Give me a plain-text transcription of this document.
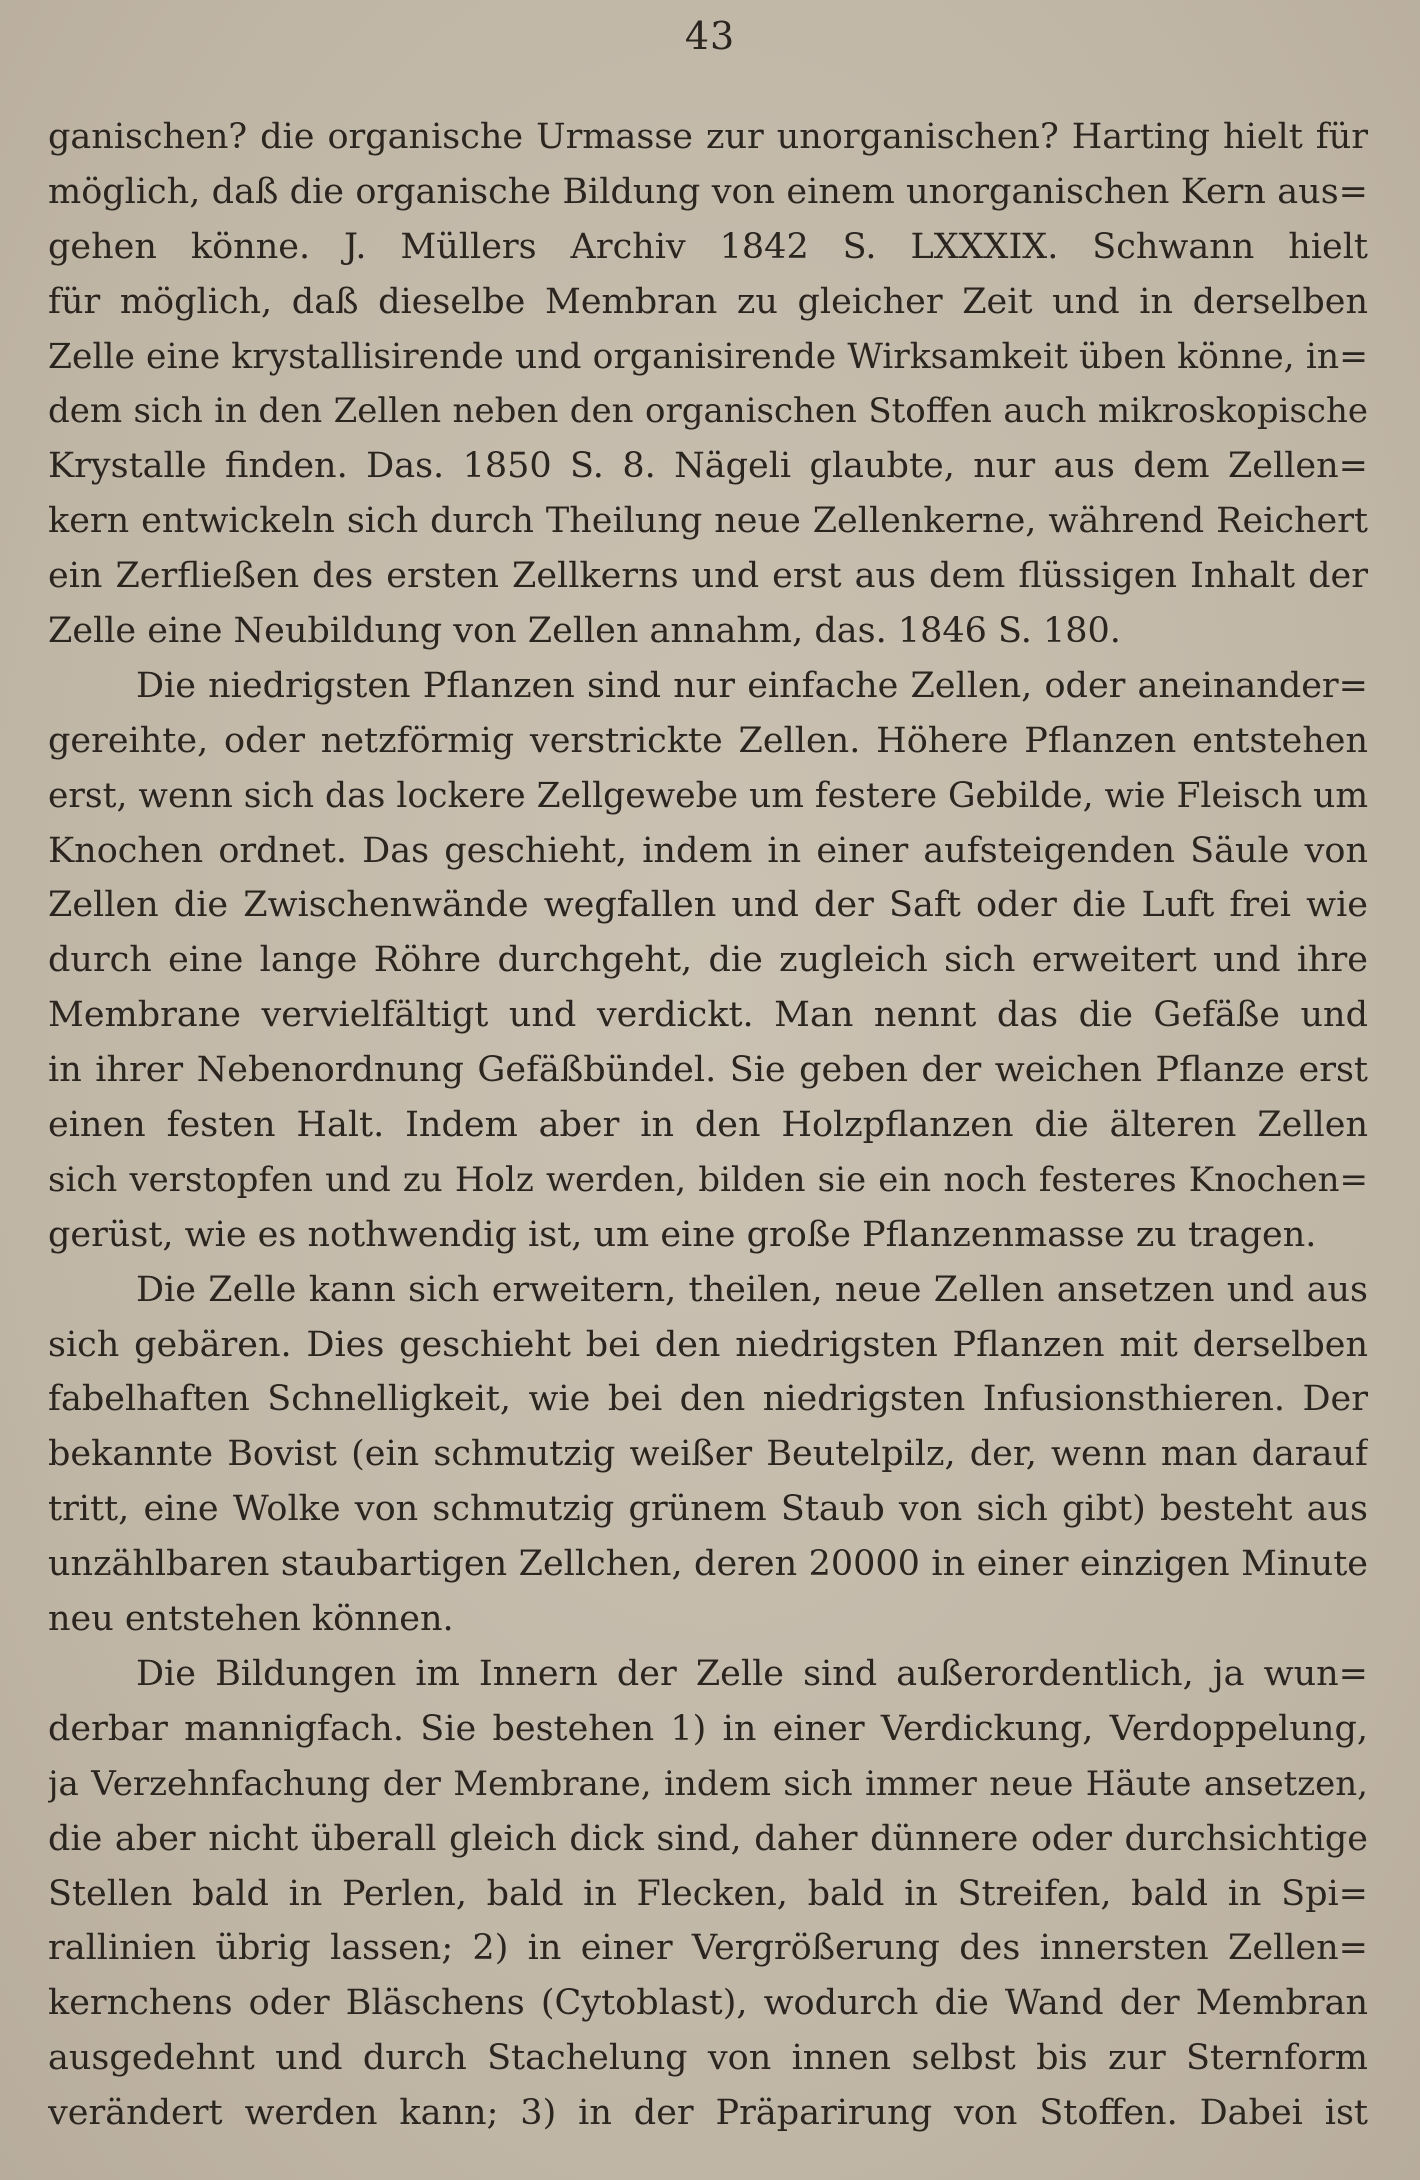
43
ganischen? die organische Urmasse zur unorganischen? Harting hielt für
möglich, daß die organische Bildung von einem unorganischen Kern aus=
gehen könne. J. Müllers Archiv 1842 S. LXXXIX. Schwann hielt
für möglich, daß dieselbe Membran zu gleicher Zeit und in derselben
Zelle eine krystallisirende und organisirende Wirksamkeit üben könne, in=
dem sich in den Zellen neben den organischen Stoffen auch mikroskopische
Krystalle finden. Das. 1850 S. 8. Nägeli glaubte, nur aus dem Zellen=
kern entwickeln sich durch Theilung neue Zellenkerne, während Reichert
ein Zerfließen des ersten Zellkerns und erst aus dem flüssigen Inhalt der
Zelle eine Neubildung von Zellen annahm, das. 1846 S. 180.
Die niedrigsten Pflanzen sind nur einfache Zellen, oder aneinander=
gereihte, oder netzförmig verstrickte Zellen. Höhere Pflanzen entstehen
erst, wenn sich das lockere Zellgewebe um festere Gebilde, wie Fleisch um
Knochen ordnet. Das geschieht, indem in einer aufsteigenden Säule von
Zellen die Zwischenwände wegfallen und der Saft oder die Luft frei wie
durch eine lange Röhre durchgeht, die zugleich sich erweitert und ihre
Membrane vervielfältigt und verdickt. Man nennt das die Gefäße und
in ihrer Nebenordnung Gefäßbündel. Sie geben der weichen Pflanze erst
einen festen Halt. Indem aber in den Holzpflanzen die älteren Zellen
sich verstopfen und zu Holz werden, bilden sie ein noch festeres Knochen=
gerüst, wie es nothwendig ist, um eine große Pflanzenmasse zu tragen.
Die Zelle kann sich erweitern, theilen, neue Zellen ansetzen und aus
sich gebären. Dies geschieht bei den niedrigsten Pflanzen mit derselben
fabelhaften Schnelligkeit, wie bei den niedrigsten Infusionsthieren. Der
bekannte Bovist (ein schmutzig weißer Beutelpilz, der, wenn man darauf
tritt, eine Wolke von schmutzig grünem Staub von sich gibt) besteht aus
unzählbaren staubartigen Zellchen, deren 20000 in einer einzigen Minute
neu entstehen können.
Die Bildungen im Innern der Zelle sind außerordentlich, ja wun=
derbar mannigfach. Sie bestehen 1) in einer Verdickung, Verdoppelung,
ja Verzehnfachung der Membrane, indem sich immer neue Häute ansetzen,
die aber nicht überall gleich dick sind, daher dünnere oder durchsichtige
Stellen bald in Perlen, bald in Flecken, bald in Streifen, bald in Spi=
rallinien übrig lassen; 2) in einer Vergrößerung des innersten Zellen=
kernchens oder Bläschens (Cytoblast), wodurch die Wand der Membran
ausgedehnt und durch Stachelung von innen selbst bis zur Sternform
verändert werden kann; 3) in der Präparirung von Stoffen. Dabei ist
